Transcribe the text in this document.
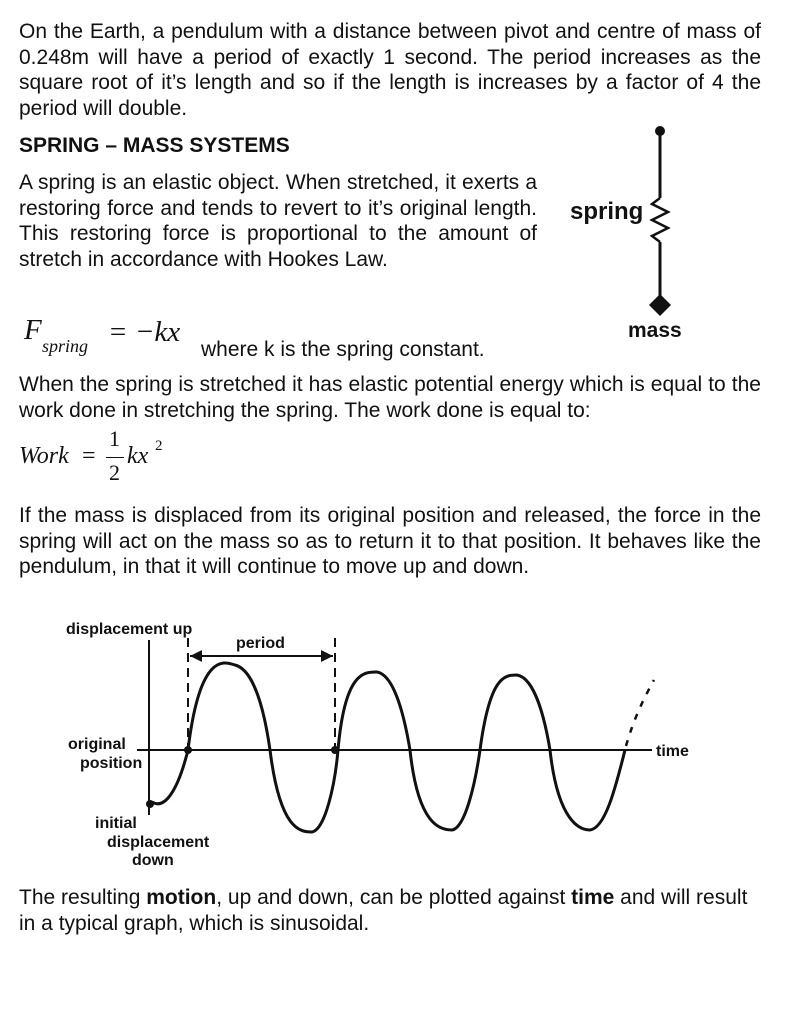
On the Earth, a pendulum with a distance between pivot and centre of mass of 0.248m will have a period of exactly 1 second. The period increases as the square root of it’s length and so if the length is increases by a factor of 4 the period will double.

SPRING – MASS SYSTEMS

A spring is an elastic object. When stretched, it exerts a restoring force and tends to revert to it’s original length. This restoring force is proportional to the amount of stretch in accordance with Hookes Law.

spring
mass
F spring = −kx
where k is the spring constant.

When the spring is stretched it has elastic potential energy which is equal to the work done in stretching the spring. The work done is equal to:

Work =
1
2
kx 2

If the mass is displaced from its original position and released, the force in the spring will act on the mass so as to return it to that position. It behaves like the pendulum, in that it will continue to move up and down.

displacement up
period
original
position
time
initial
displacement
down

The resulting motion, up and down, can be plotted against time and will result in a typical graph, which is sinusoidal.
